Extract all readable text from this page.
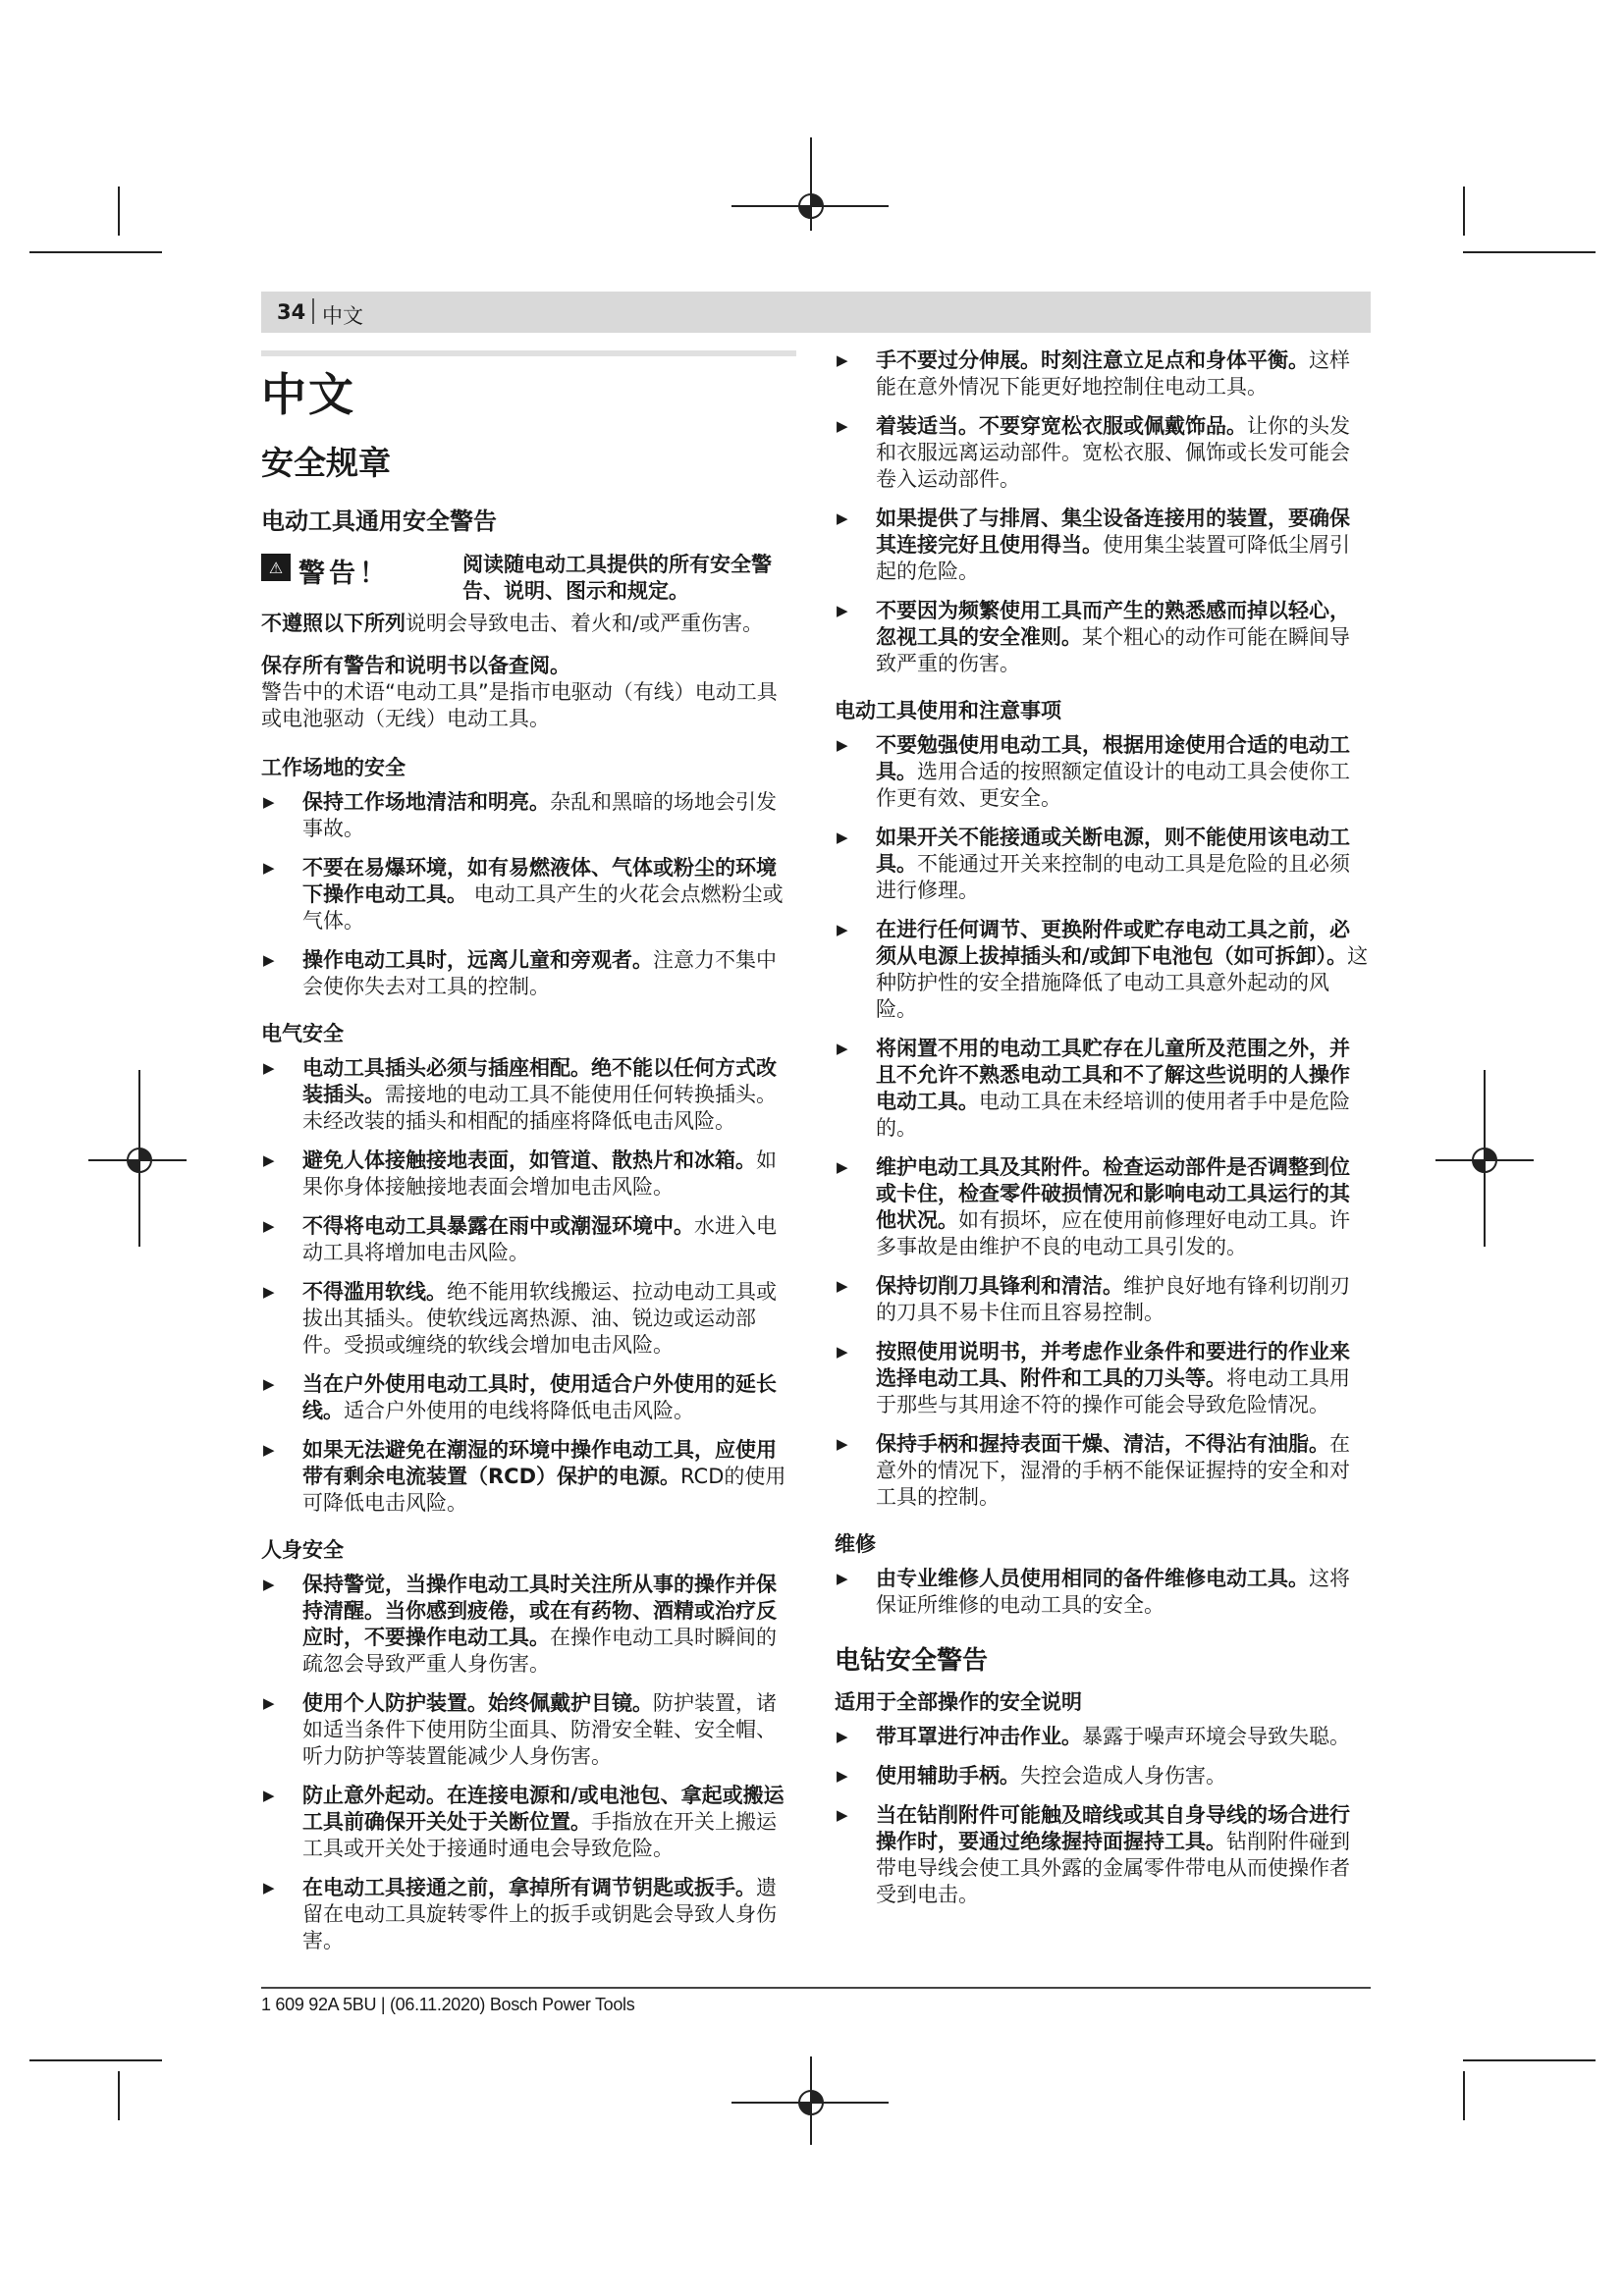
34 中文
中文
安全规章
电动工具通用安全警告
⚠ 警告！	阅读随电动工具提供的所有安全警告、说明、图示和规定。

不遵照以下所列说明会导致电击、着火和/或严重伤害。

保存所有警告和说明书以备查阅。

警告中的术语“电动工具”是指市电驱动（有线）电动工具或电池驱动（无线）电动工具。

工作场地的安全
▶	保持工作场地清洁和明亮。杂乱和黑暗的场地会引发事故。
▶	不要在易爆环境，如有易燃液体、气体或粉尘的环境下操作电动工具。 电动工具产生的火花会点燃粉尘或气体。
▶	操作电动工具时，远离儿童和旁观者。注意力不集中会使你失去对工具的控制。
电气安全
▶	电动工具插头必须与插座相配。绝不能以任何方式改装插头。需接地的电动工具不能使用任何转换插头。未经改装的插头和相配的插座将降低电击风险。
▶	避免人体接触接地表面，如管道、散热片和冰箱。如果你身体接触接地表面会增加电击风险。
▶	不得将电动工具暴露在雨中或潮湿环境中。水进入电动工具将增加电击风险。
▶	不得滥用软线。绝不能用软线搬运、拉动电动工具或拔出其插头。使软线远离热源、油、锐边或运动部件。受损或缠绕的软线会增加电击风险。
▶	当在户外使用电动工具时，使用适合户外使用的延长线。适合户外使用的电线将降低电击风险。
▶	如果无法避免在潮湿的环境中操作电动工具，应使用带有剩余电流装置（RCD）保护的电源。RCD的使用可降低电击风险。
人身安全
▶	保持警觉，当操作电动工具时关注所从事的操作并保持清醒。当你感到疲倦，或在有药物、酒精或治疗反应时，不要操作电动工具。在操作电动工具时瞬间的疏忽会导致严重人身伤害。
▶	使用个人防护装置。始终佩戴护目镜。防护装置，诸如适当条件下使用防尘面具、防滑安全鞋、安全帽、听力防护等装置能减少人身伤害。
▶	防止意外起动。在连接电源和/或电池包、拿起或搬运工具前确保开关处于关断位置。手指放在开关上搬运工具或开关处于接通时通电会导致危险。
▶	在电动工具接通之前，拿掉所有调节钥匙或扳手。遗留在电动工具旋转零件上的扳手或钥匙会导致人身伤害。
▶	手不要过分伸展。时刻注意立足点和身体平衡。这样能在意外情况下能更好地控制住电动工具。
▶	着装适当。不要穿宽松衣服或佩戴饰品。让你的头发和衣服远离运动部件。宽松衣服、佩饰或长发可能会卷入运动部件。
▶	如果提供了与排屑、集尘设备连接用的装置，要确保其连接完好且使用得当。使用集尘装置可降低尘屑引起的危险。
▶	不要因为频繁使用工具而产生的熟悉感而掉以轻心，忽视工具的安全准则。某个粗心的动作可能在瞬间导致严重的伤害。
电动工具使用和注意事项
▶	不要勉强使用电动工具，根据用途使用合适的电动工具。选用合适的按照额定值设计的电动工具会使你工作更有效、更安全。
▶	如果开关不能接通或关断电源，则不能使用该电动工具。不能通过开关来控制的电动工具是危险的且必须进行修理。
▶	在进行任何调节、更换附件或贮存电动工具之前，必须从电源上拔掉插头和/或卸下电池包（如可拆卸）。这种防护性的安全措施降低了电动工具意外起动的风险。
▶	将闲置不用的电动工具贮存在儿童所及范围之外，并且不允许不熟悉电动工具和不了解这些说明的人操作电动工具。电动工具在未经培训的使用者手中是危险的。
▶	维护电动工具及其附件。检查运动部件是否调整到位或卡住，检查零件破损情况和影响电动工具运行的其他状况。如有损坏，应在使用前修理好电动工具。许多事故是由维护不良的电动工具引发的。
▶	保持切削刀具锋利和清洁。维护良好地有锋利切削刃的刀具不易卡住而且容易控制。
▶	按照使用说明书，并考虑作业条件和要进行的作业来选择电动工具、附件和工具的刀头等。将电动工具用于那些与其用途不符的操作可能会导致危险情况。
▶	保持手柄和握持表面干燥、清洁，不得沾有油脂。在意外的情况下，湿滑的手柄不能保证握持的安全和对工具的控制。
维修
▶	由专业维修人员使用相同的备件维修电动工具。这将保证所维修的电动工具的安全。
电钻安全警告
适用于全部操作的安全说明
▶	带耳罩进行冲击作业。暴露于噪声环境会导致失聪。
▶	使用辅助手柄。失控会造成人身伤害。
▶	当在钻削附件可能触及暗线或其自身导线的场合进行操作时，要通过绝缘握持面握持工具。钻削附件碰到带电导线会使工具外露的金属零件带电从而使操作者受到电击。
1 609 92A 5BU | (06.11.2020) Bosch Power Tools
